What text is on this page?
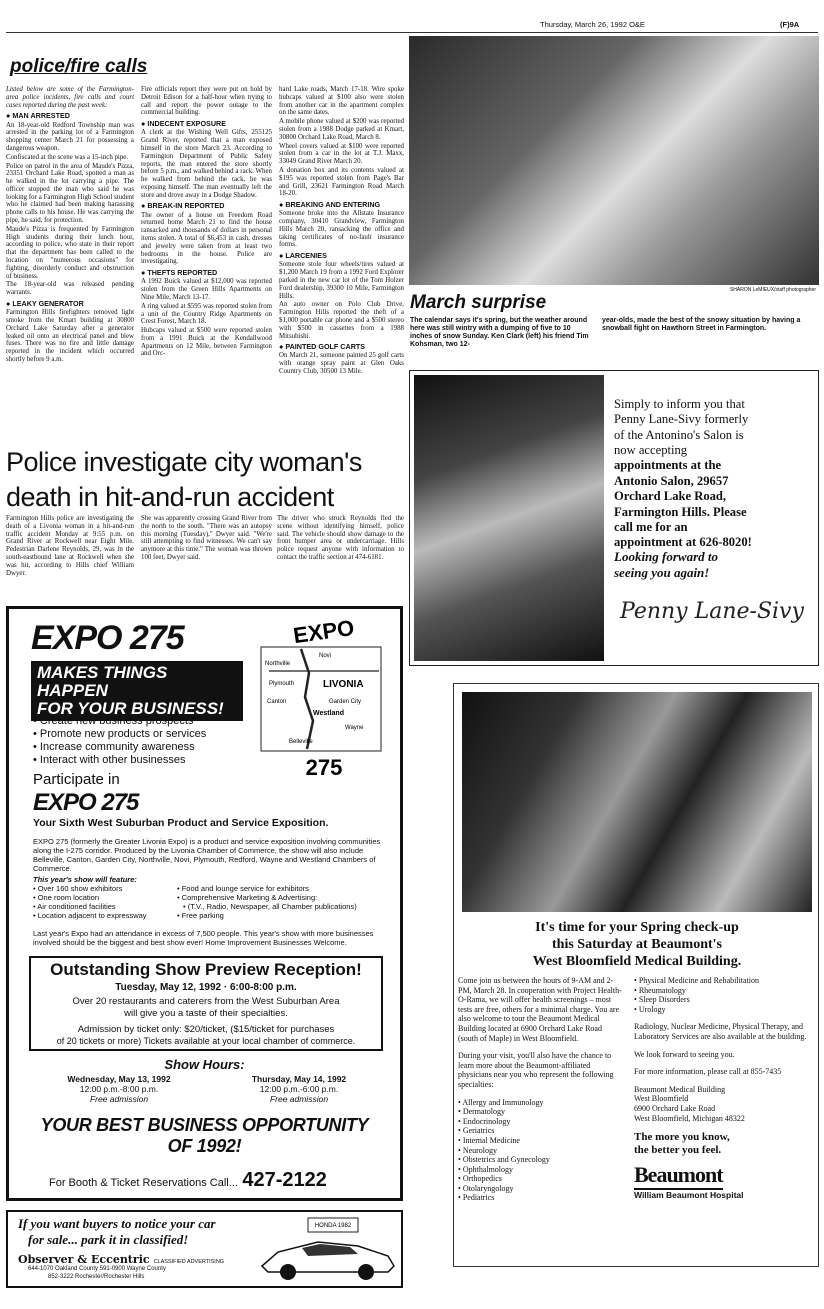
Thursday, March 26, 1992 O&E	(F)9A
police/fire calls

Listed below are some of the Farmington-area police incidents, fire calls and court cases reported during the past week:

● MAN ARRESTED

An 18-year-old Redford Township man was arrested in the parking lot of a Farmington shopping center March 21 for possessing a dangerous weapon.

Confiscated at the scene was a 15-inch pipe.

Police on patrol in the area of Maude's Pizza, 23351 Orchard Lake Road, spotted a man as he walked in the lot carrying a pipe. The officer stopped the man who said he was looking for a Farmington High School student who he claimed had been making harassing phone calls to his house. He was carrying the pipe, he said, for protection.

Maude's Pizza is frequented by Farmington High students during their lunch hour, according to police, who state in their report that the department has been called to the location on "numerous occasions" for fighting, disorderly conduct and obstruction of business.

The 18-year-old was released pending warrants.

● LEAKY GENERATOR

Farmington Hills firefighters removed light smoke from the Kmart building at 30800 Orchard Lake Saturday after a generator leaked oil onto an electrical panel and blew fuses. There was no fire and little damage reported in the incident which occurred shortly before 9 a.m.

Fire officials report they were put on hold by Detroit Edison for a half-hour when trying to call and report the power outage to the commercial building.

● INDECENT EXPOSURE

A clerk at the Wishing Well Gifts, 255125 Grand River, reported that a man exposed himself in the store March 23. According to Farmington Department of Public Safety reports, the man entered the store shortly before 5 p.m., and walked behind a rack. When he walked from behind the rack, he was exposing himself. The man eventually left the store and drove away in a Dodge Shadow.

● BREAK-IN REPORTED

The owner of a house on Freedom Road returned home March 21 to find the house ransacked and thousands of dollars in personal items stolen. A total of $6,453 in cash, dresses and jewelry were taken from at least two bedrooms in the house. Police are investigating.

● THEFTS REPORTED

A 1992 Buick valued at $12,000 was reported stolen from the Green Hills Apartments on Nine Mile, March 13-17.

A ring valued at $595 was reported stolen from a unit of the Country Ridge Apartments on Crest Forest, March 18.

Hubcaps valued at $500 were reported stolen from a 1991 Buick at the Kendallwood Apartments on 12 Mile, between Farmington and Orc-

hard Lake roads, March 17-18. Wire spoke hubcaps valued at $100 also were stolen from another car in the apartment complex on the same dates.

A mobile phone valued at $200 was reported stolen from a 1988 Dodge parked at Kmart, 30800 Orchard Lake Road, March 8.

Wheel covers valued at $100 were reported stolen from a car in the lot at T.J. Maxx, 33049 Grand River March 20.

A donation box and its contents valued at $195 was reported stolen from Page's Bar and Grill, 23621 Farmington Road March 18-20.

● BREAKING AND ENTERING

Someone broke into the Allstate Insurance company, 30410 Grandview, Farmington Hills March 20, ransacking the office and taking certificates of no-fault insurance forms.

● LARCENIES

Someone stole four wheels/tires valued at $1,200 March 19 from a 1992 Ford Explorer parked in the new car lot of the Tom Holzer Ford dealership, 39300 10 Mile, Farmington Hills.

An auto owner on Polo Club Drive, Farmington Hills reported the theft of a $1,000 portable car phone and a $500 stereo with $500 in cassettes from a 1988 Mitsubishi.

● PAINTED GOLF CARTS

On March 21, someone painted 25 golf carts with orange spray paint at Glen Oaks Country Club, 30500 13 Mile.

SHARON LeMIEUX/staff photographer
March surprise
The calendar says it's spring, but the weather around here was still wintry with a dumping of five to 10 inches of snow Sunday. Ken Clark (left) his friend Tim Kohsman, two 12-
year-olds, made the best of the snowy situation by having a snowball fight on Hawthorn Street in Farmington.
Police investigate city woman's
death in hit-and-run accident
Farmington Hills police are investigating the death of a Livonia woman in a hit-and-run traffic accident Monday at 9:55 p.m. on Grand River at Rockwell near Eight Mile. Pedestrian Darlene Reynolds, 29, was in the south-eastbound lane at Rockwell when she was hit, according to Hills chief William Dwyer.
She was apparently crossing Grand River from the north to the south. "There was an autopsy this morning (Tuesday)," Dwyer said. "We're still attempting to find witnesses. We can't say anymore at this time." The woman was thrown 100 feet, Dwyer said.
The driver who struck Reynolds fled the scene without identifying himself, police said. The vehicle should show damage to the front bumper area or undercarriage. Hills police request anyone with information to contact the traffic section at 474-6181.
Simply to inform you that
Penny Lane-Sivy formerly
of the Antonino's Salon is
now accepting
appointments at the
Antonio Salon, 29657
Orchard Lake Road,
Farmington Hills. Please
call me for an
appointment at 626-8020!
Looking forward to
seeing you again!
Penny Lane-Sivy
EXPO 275
MAKES THINGS HAPPEN
FOR YOUR BUSINESS!
EXPO
Novi
Northville
Plymouth	LIVONIA
Canton	Garden City
Westland
Wayne
Belleville
275
• Create new business prospects
• Promote new products or services
• Increase community awareness
• Interact with other businesses
Participate in
EXPO 275
Your Sixth West Suburban Product and Service Exposition.
EXPO 275 (formerly the Greater Livonia Expo) is a product and service exposition involving communities along the I-275 corridor. Produced by the Livonia Chamber of Commerce, the show will also include Belleville, Canton, Garden City, Northville, Novi, Plymouth, Redford, Wayne and Westland Chambers of Commerce.
This year's show will feature:
• Over 160 show exhibitors
• One room location
• Air conditioned facilities
• Location adjacent to expressway
• Food and lounge service for exhibitors
• Comprehensive Marketing & Advertising:
• (T.V., Radio, Newspaper, all Chamber publications)
• Free parking
Last year's Expo had an attendance in excess of 7,500 people. This year's show with more businesses involved should be the biggest and best show ever! Home Improvement Businesses Welcome.
Outstanding Show Preview Reception!
Tuesday, May 12, 1992 · 6:00-8:00 p.m.
Over 20 restaurants and caterers from the West Suburban Area
will give you a taste of their specialties.
Admission by ticket only: $20/ticket, ($15/ticket for purchases
of 20 tickets or more) Tickets available at your local chamber of commerce.
Show Hours:
Wednesday, May 13, 1992
12:00 p.m.-8:00 p.m.
Free admission
Thursday, May 14, 1992
12:00 p.m.-6:00 p.m.
Free admission
YOUR BEST BUSINESS OPPORTUNITY
OF 1992!
For Booth & Ticket Reservations Call... 427-2122
If you want buyers to notice your car
for sale... park it in classified!
Observer & Eccentric CLASSIFIED ADVERTISING
644-1070 Oakland County 591-0900 Wayne County
852-3222 Rochester/Rochester Hills
HONDA 1982
It's time for your Spring check-up
this Saturday at Beaumont's
West Bloomfield Medical Building.

Come join us between the hours of 9-AM and 2-PM, March 28. In cooperation with Project Health-O-Rama, we will offer health screenings – most tests are free, others for a minimal charge. You are also welcome to tour the Beaumont Medical Building located at 6900 Orchard Lake Road (south of Maple) in West Bloomfield.

During your visit, you'll also have the chance to learn more about the Beaumont-affiliated physicians near you who represent the following specialties:

• Allergy and Immunology
• Dermatology
• Endocrinology
• Geriatrics
• Internal Medicine
• Neurology
• Obstetrics and Gynecology
• Ophthalmology
• Orthopedics
• Otolaryngology
• Pediatrics
• Physical Medicine and Rehabilitation
• Rheumatology
• Sleep Disorders
• Urology

Radiology, Nuclear Medicine, Physical Therapy, and Laboratory Services are also available at the building.

We look forward to seeing you.

For more information, please call at 855-7435

Beaumont Medical Building

West Bloomfield

6900 Orchard Lake Road

West Bloomfield, Michigan 48322

The more you know,

the better you feel.

Beaumont

William Beaumont Hospital
